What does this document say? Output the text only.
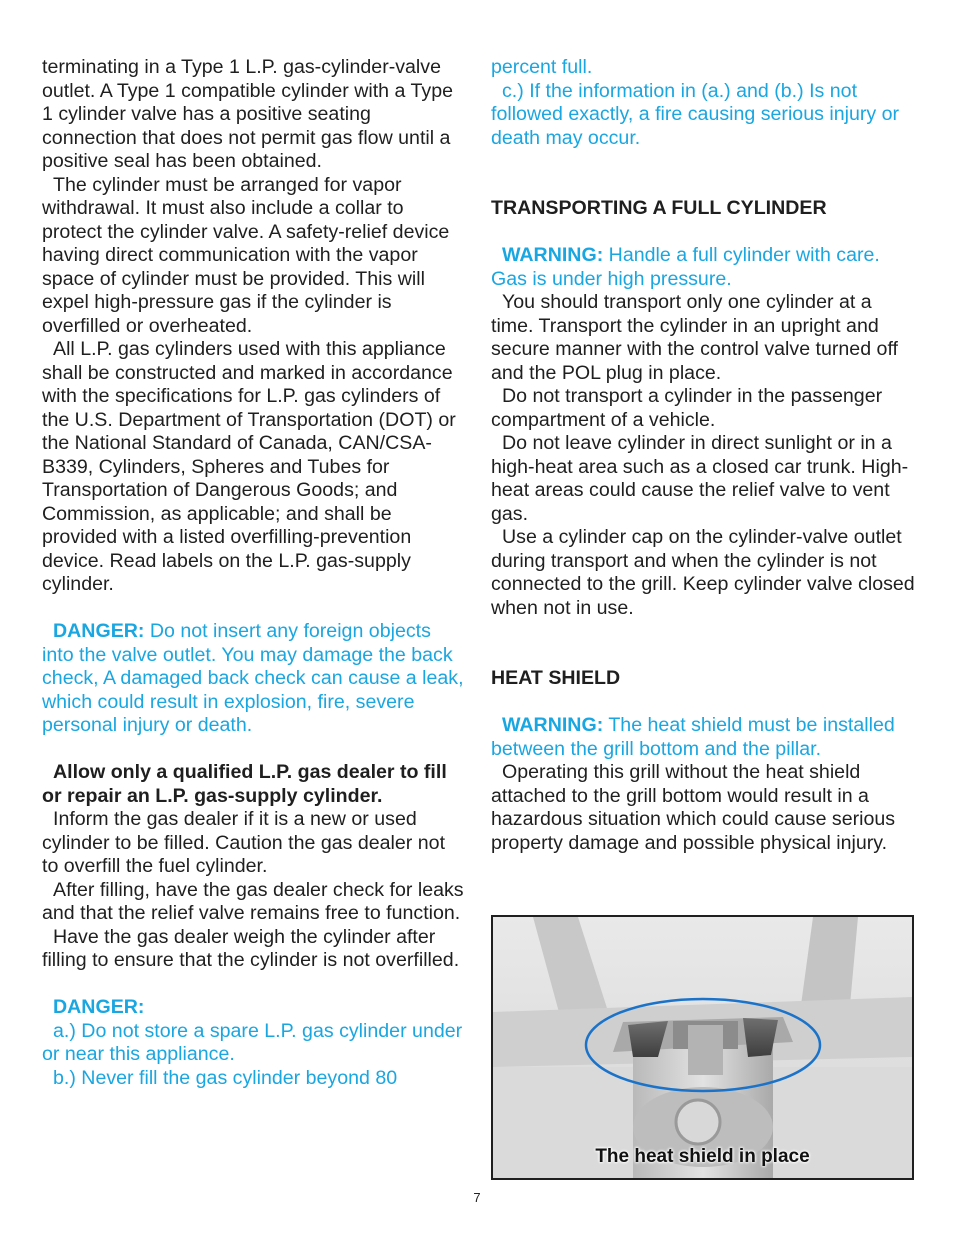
terminating in a Type 1 L.P. gas-cylinder-valve outlet. A Type 1 compatible cylinder with a Type 1 cylinder valve has a positive seating connection that does not permit gas flow until a positive seal has been obtained.

The cylinder must be arranged for vapor withdrawal. It must also include a collar to protect the cylinder valve. A safety-relief device having direct communication with the vapor space of cylinder must be provided. This will expel high-pressure gas if the cylinder is overfilled or overheated.

All L.P. gas cylinders used with this appliance shall be constructed and marked in accordance with the specifications for L.P. gas cylinders of the U.S. Department of Transportation (DOT) or the National Standard of Canada, CAN/CSA-B339, Cylinders, Spheres and Tubes for Transportation of Dangerous Goods; and Commission, as applicable; and shall be provided with a listed overfilling-prevention device. Read labels on the L.P. gas-supply cylinder.

DANGER: Do not insert any foreign objects into the valve outlet. You may damage the back check, A damaged back check can cause a leak, which could result in explosion, fire, severe personal injury or death.

Allow only a qualified L.P. gas dealer to fill or repair an L.P. gas-supply cylinder.

Inform the gas dealer if it is a new or used cylinder to be filled. Caution the gas dealer not to overfill the fuel cylinder.

After filling, have the gas dealer check for leaks and that the relief valve remains free to function.

Have the gas dealer weigh the cylinder after filling to ensure that the cylinder is not overfilled.

DANGER:

a.) Do not store a spare L.P. gas cylinder under or near this appliance.

b.) Never fill the gas cylinder beyond 80

percent full.

c.) If the information in (a.) and (b.) Is not followed exactly, a fire causing serious injury or death may occur.

TRANSPORTING A FULL CYLINDER

WARNING: Handle a full cylinder with care. Gas is under high pressure.

You should transport only one cylinder at a time. Transport the cylinder in an upright and secure manner with the control valve turned off and the POL plug in place.

Do not transport a cylinder in the passenger compartment of a vehicle.

Do not leave cylinder in direct sunlight or in a high-heat area such as a closed car trunk. High-heat areas could cause the relief valve to vent gas.

Use a cylinder cap on the cylinder-valve outlet during transport and when the cylinder is not connected to the grill. Keep cylinder valve closed when not in use.

HEAT SHIELD

WARNING: The heat shield must be installed between the grill bottom and the pillar.

Operating this grill without the heat shield attached to the grill bottom would result in a hazardous situation which could cause serious property damage and possible physical injury.

The heat shield in place
7
